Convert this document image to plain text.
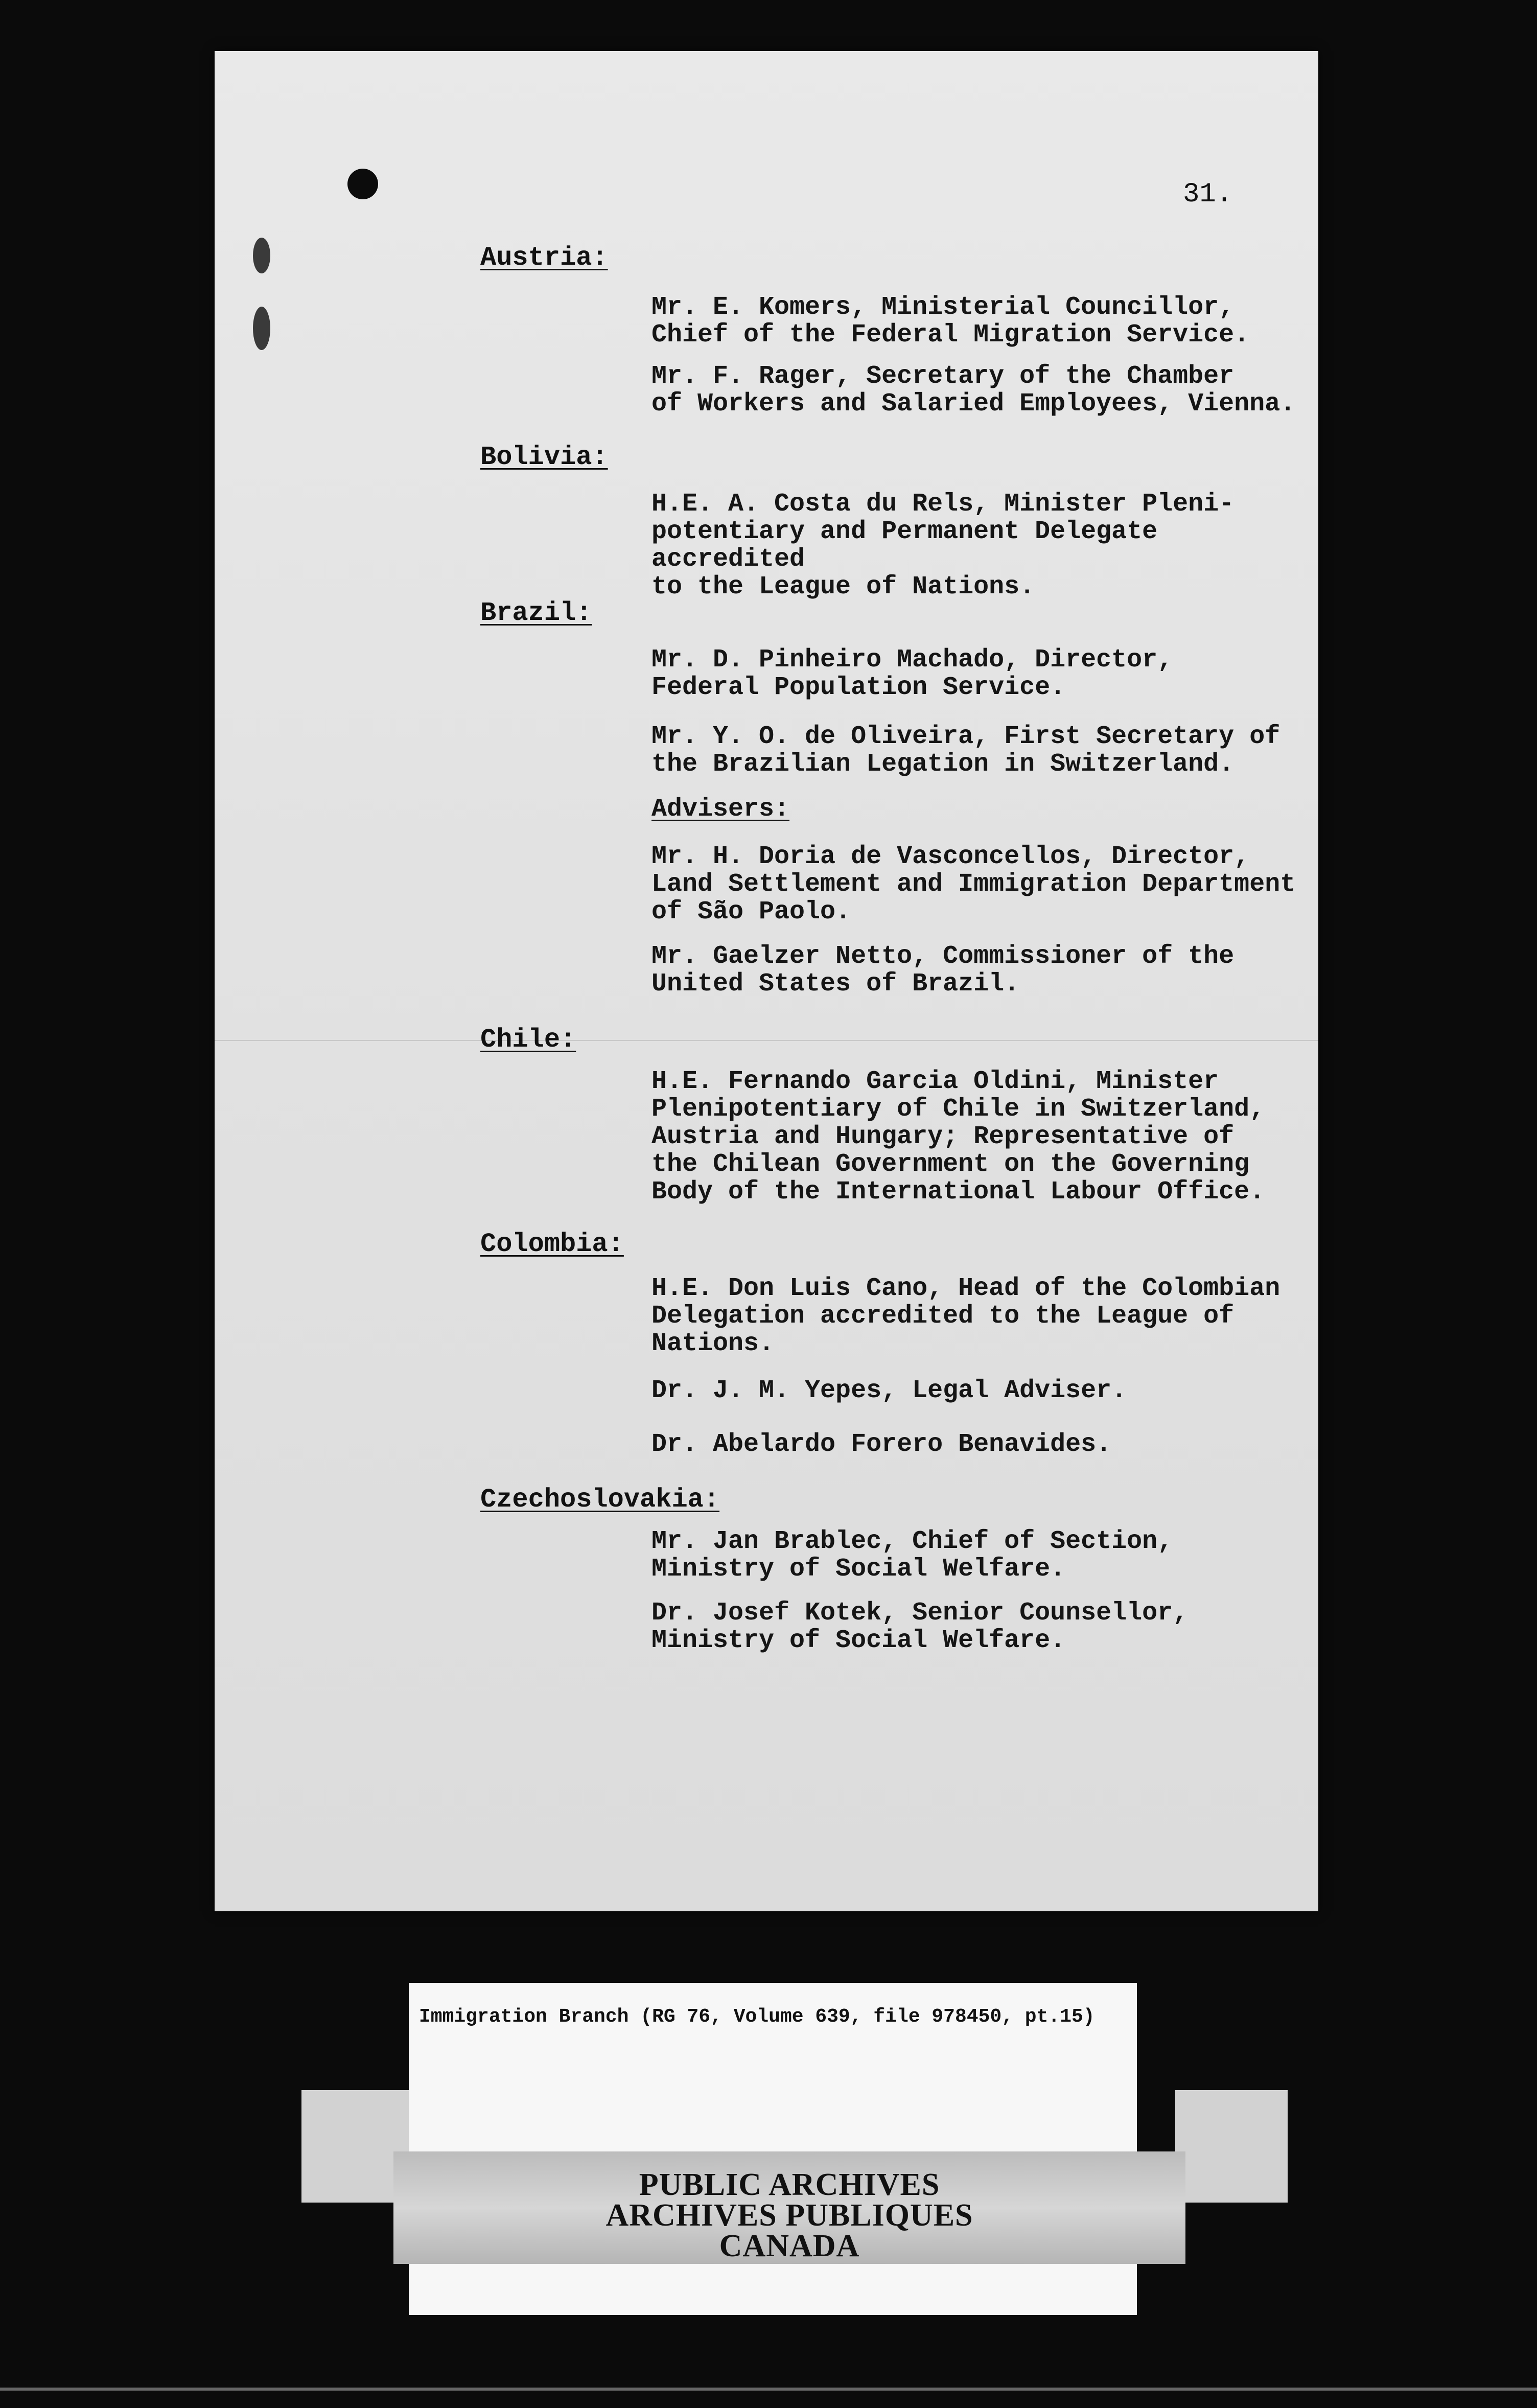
31.
Austria:
Mr. E. Komers, Ministerial Councillor,
Chief of the Federal Migration Service.
Mr. F. Rager, Secretary of the Chamber
of Workers and Salaried Employees, Vienna.
Bolivia:
H.E. A. Costa du Rels, Minister Pleni-
potentiary and Permanent Delegate accredited
to the League of Nations.
Brazil:
Mr. D. Pinheiro Machado, Director,
Federal Population Service.
Mr. Y. O. de Oliveira, First Secretary of
the Brazilian Legation in Switzerland.
Advisers:
Mr. H. Doria de Vasconcellos, Director,
Land Settlement and Immigration Department
of São Paolo.
Mr. Gaelzer Netto, Commissioner of the
United States of Brazil.
Chile:
H.E. Fernando Garcia Oldini, Minister
Plenipotentiary of Chile in Switzerland,
Austria and Hungary; Representative of
the Chilean Government on the Governing
Body of the International Labour Office.
Colombia:
H.E. Don Luis Cano, Head of the Colombian
Delegation accredited to the League of
Nations.
Dr. J. M. Yepes, Legal Adviser.
Dr. Abelardo Forero Benavides.
Czechoslovakia:
Mr. Jan Brablec, Chief of Section,
Ministry of Social Welfare.
Dr. Josef Kotek, Senior Counsellor,
Ministry of Social Welfare.
Immigration Branch (RG 76, Volume 639, file 978450, pt.15)
PUBLIC ARCHIVES
ARCHIVES PUBLIQUES
CANADA
